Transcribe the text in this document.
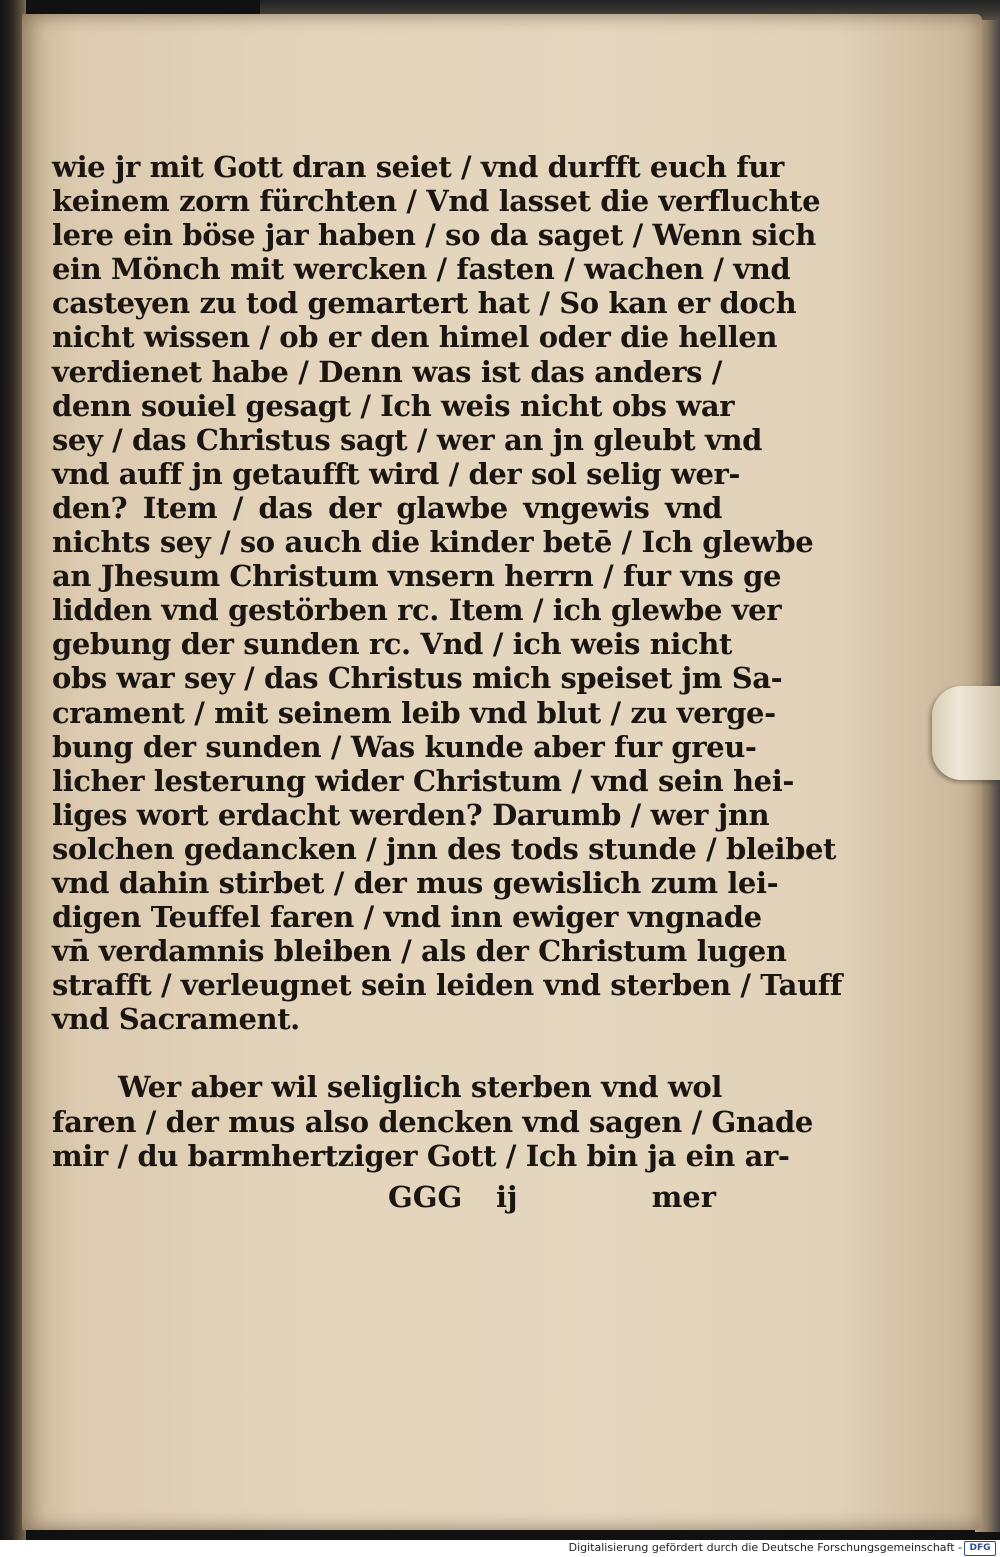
wie jr mit Gott dran seiet / vnd durfft euch fur
keinem zorn fürchten / Vnd lasset die verfluchte
lere ein böse jar haben / so da saget / Wenn sich
ein Mönch mit wercken / fasten / wachen / vnd
casteyen zu tod gemartert hat / So kan er doch
nicht wissen / ob er den himel oder die hellen
verdienet habe / Denn was ist das anders /
denn souiel gesagt / Ich weis nicht obs war
sey / das Christus sagt / wer an jn gleubt vnd
vnd auff jn getaufft wird / der sol selig wer-
den? Item / das der glawbe vngewis vnd
nichts sey / so auch die kinder betē / Ich glewbe
an Jhesum Christum vnsern herrn / fur vns ge
lidden vnd gestörben rc. Item / ich glewbe ver
gebung der sunden rc. Vnd / ich weis nicht
obs war sey / das Christus mich speiset jm Sa-
crament / mit seinem leib vnd blut / zu verge-
bung der sunden / Was kunde aber fur greu-
licher lesterung wider Christum / vnd sein hei-
liges wort erdacht werden? Darumb / wer jnn
solchen gedancken / jnn des tods stunde / bleibet
vnd dahin stirbet / der mus gewislich zum lei-
digen Teuffel faren / vnd inn ewiger vngnade
vn̄ verdamnis bleiben / als der Christum lugen
strafft / verleugnet sein leiden vnd sterben / Tauff
vnd Sacrament.
Wer aber wil seliglich sterben vnd wol
faren / der mus also dencken vnd sagen / Gnade
mir / du barmhertziger Gott / Ich bin ja ein ar-
GGG ij	mer
Digitalisierung gefördert durch die Deutsche Forschungsgemeinschaft - DFG
